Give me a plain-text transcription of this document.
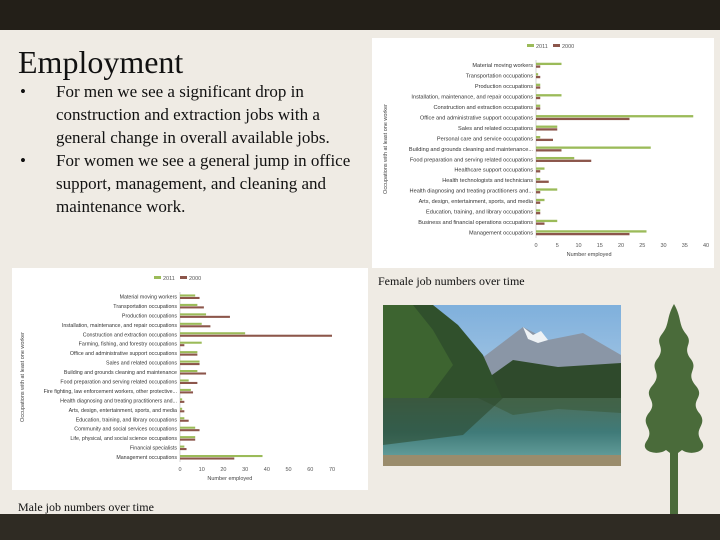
Employment
• For men we see a significant drop in construction and extraction jobs with a general change in overall available jobs.
• For women we see a general jump in office support, management, and cleaning and maintenance work.
2011	2000
Material moving workers
Transportation occupations
Production occupations
Installation, maintenance, and repair occupations
Construction and extraction occupations
Office and administrative support occupations
Sales and related occupations
Personal care and service occupations
Building and grounds cleaning and maintenance...
Food preparation and serving related occupations
Healthcare support occupations
Health technologists and technicians
Health diagnosing and treating practitioners and...
Arts, design, entertainment, sports, and media
Education, training, and library occupations
Business and financial operations occupations
Management occupations
0	5	10	15	20	25	30	35	40
Number employed
Occupations with at least one worker
Female job numbers over time
2011	2000
Material moving workers
Transportation occupations
Production occupations
Installation, maintenance, and repair occupations
Construction and extraction occupations
Farming, fishing, and forestry occupations
Office and administrative support occupations
Sales and related occupations
Building and grounds cleaning and maintenance
Food preparation and serving related occupations
Fire fighting, law enforcement workers, other protective...
Health diagnosing and treating practitioners and...
Arts, design, entertainment, sports, and media
Education, training, and library occupations
Community and social services occupations
Life, physical, and social science occupations
Financial specialists
Management occupations
0	10	20	30	40	50	60	70
Number employed
Occupations with at least one worker
Male job numbers over time
